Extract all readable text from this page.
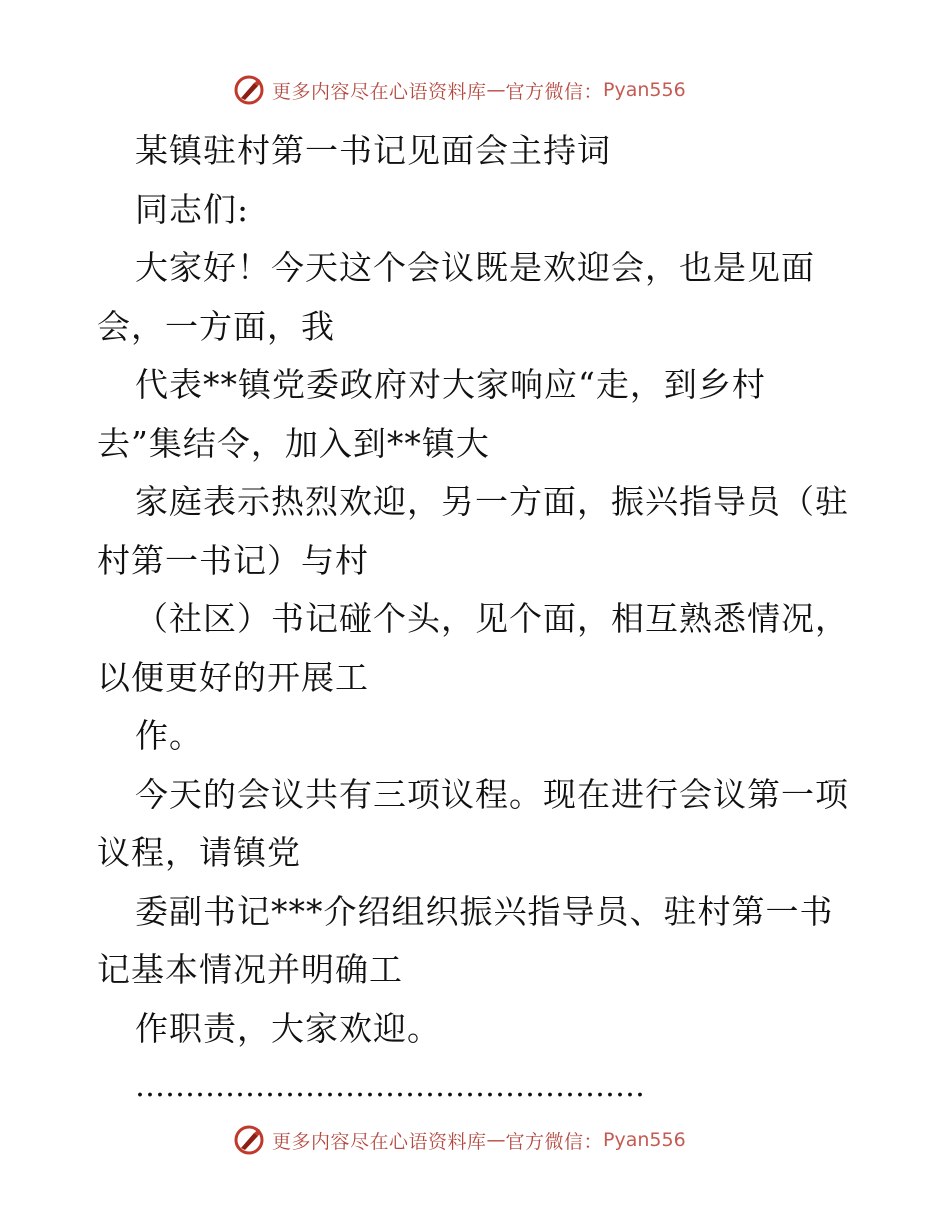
更多内容尽在心语资料库 — 官方微信： Pyan556
某镇驻村第一书记见面会主持词
同志们:
大家好！今天这个会议既是欢迎会，也是见面
会，一方面，我
代表**镇党委政府对大家响应“走，到乡村
去”集结令，加入到**镇大
家庭表示热烈欢迎，另一方面，振兴指导员（驻
村第一书记）与村
（社区）书记碰个头，见个面，相互熟悉情况，
以便更好的开展工
作。
今天的会议共有三项议程。现在进行会议第一项
议程，请镇党
委副书记***介绍组织振兴指导员、驻村第一书
记基本情况并明确工
作职责，大家欢迎。
……………………………………………
更多内容尽在心语资料库 — 官方微信： Pyan556
